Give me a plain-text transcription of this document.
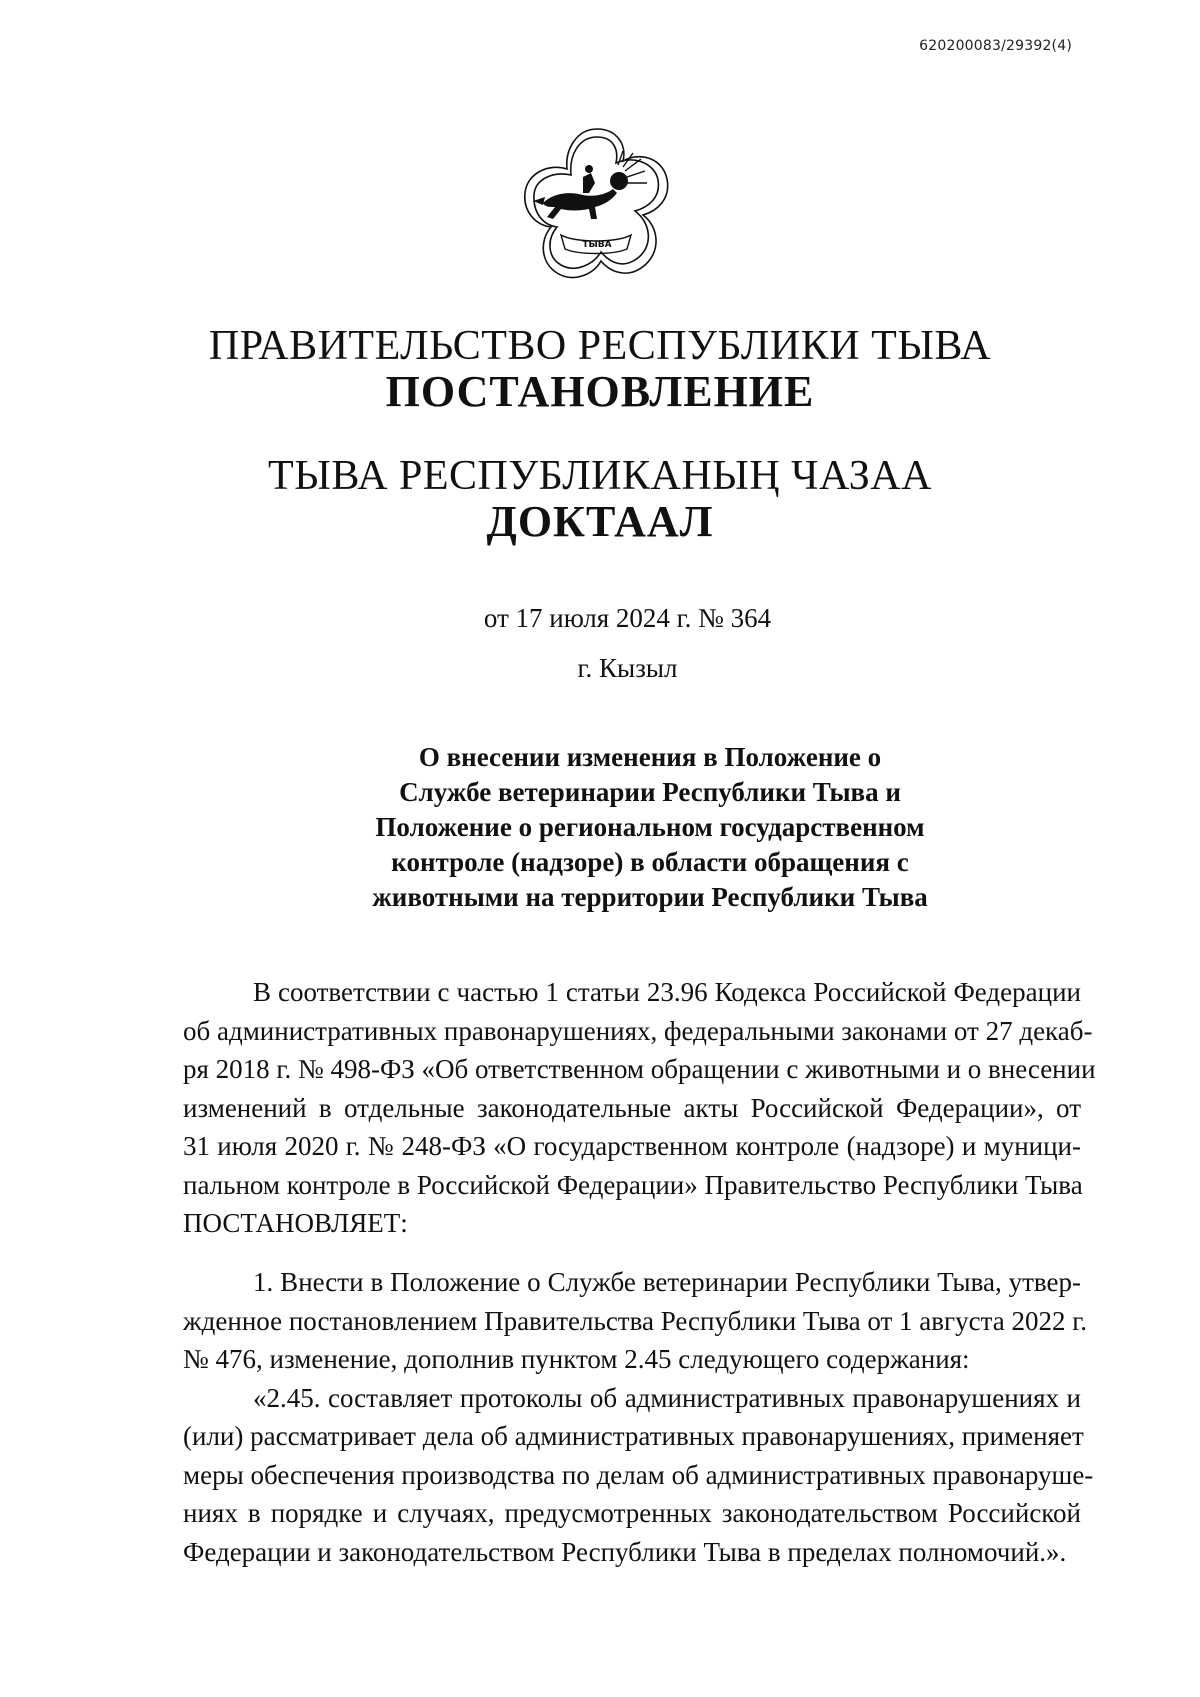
620200083/29392(4)
ТЫВА
ПРАВИТЕЛЬСТВО РЕСПУБЛИКИ ТЫВА
ПОСТАНОВЛЕНИЕ
ТЫВА РЕСПУБЛИКАНЫҢ ЧАЗАА
ДОКТААЛ
от 17 июля 2024 г. № 364
г. Кызыл
О внесении изменения в Положение о
Службе ветеринарии Республики Тыва и
Положение о региональном государственном
контроле (надзоре) в области обращения с
животными на территории Республики Тыва

В соответствии с частью 1 статьи 23.96 Кодекса Российской Федерации
об административных правонарушениях, федеральными законами от 27 декаб-
ря 2018 г. № 498-ФЗ «Об ответственном обращении с животными и о внесении
изменений в отдельные законодательные акты Российской Федерации», от
31 июля 2020 г. № 248-ФЗ «О государственном контроле (надзоре) и муници-
пальном контроле в Российской Федерации» Правительство Республики Тыва
ПОСТАНОВЛЯЕТ:

1. Внести в Положение о Службе ветеринарии Республики Тыва, утвер-
жденное постановлением Правительства Республики Тыва от 1 августа 2022 г.
№ 476, изменение, дополнив пунктом 2.45 следующего содержания:

«2.45. составляет протоколы об административных правонарушениях и
(или) рассматривает дела об административных правонарушениях, применяет
меры обеспечения производства по делам об административных правонаруше-
ниях в порядке и случаях, предусмотренных законодательством Российской
Федерации и законодательством Республики Тыва в пределах полномочий.».
